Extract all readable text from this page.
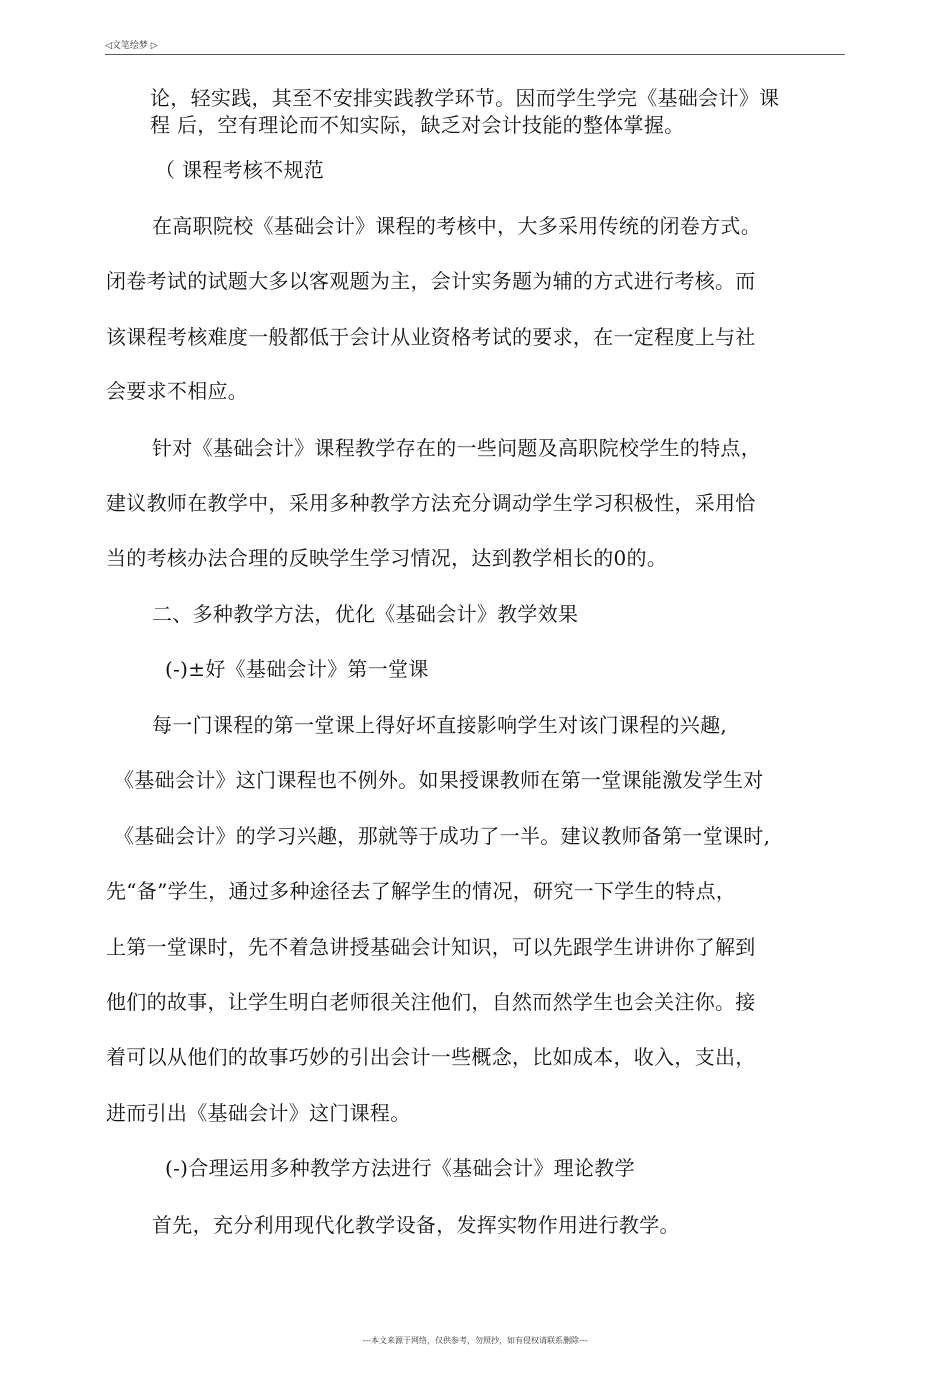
◁文笔绘梦 ▷
论，轻实践，其至不安排实践教学环节。因而学生学完《基础会计》课
程 后，空有理论而不知实际，缺乏对会计技能的整体掌握。
（ 课程考核不规范
在高职院校《基础会计》课程的考核中，大多采用传统的闭卷方式。
闭卷考试的试题大多以客观题为主，会计实务题为辅的方式进行考核。而
该课程考核难度一般都低于会计从业资格考试的要求，在一定程度上与社
会要求不相应。
针对《基础会计》课程教学存在的一些问题及高职院校学生的特点，
建议教师在教学中，采用多种教学方法充分调动学生学习积极性，采用恰
当的考核办法合理的反映学生学习情况，达到教学相长的0的。
二、多种教学方法，优化《基础会计》教学效果
(-)±好《基础会计》第一堂课
每一门课程的第一堂课上得好坏直接影响学生对该门课程的兴趣,
《基础会计》这门课程也不例外。如果授课教师在第一堂课能激发学生对
《基础会计》的学习兴趣，那就等于成功了一半。建议教师备第一堂课时,
先“备”学生，通过多种途径去了解学生的情况，研究一下学生的特点，
上第一堂课时，先不着急讲授基础会计知识，可以先跟学生讲讲你了解到
他们的故事，让学生明白老师很关注他们，自然而然学生也会关注你。接
着可以从他们的故事巧妙的引出会计一些概念，比如成本，收入，支出，
进而引出《基础会计》这门课程。
(-)合理运用多种教学方法进行《基础会计》理论教学
首先，充分利用现代化教学设备，发挥实物作用进行教学。
---本文来源于网络，仅供参考，勿照抄，如有侵权请联系删除---
